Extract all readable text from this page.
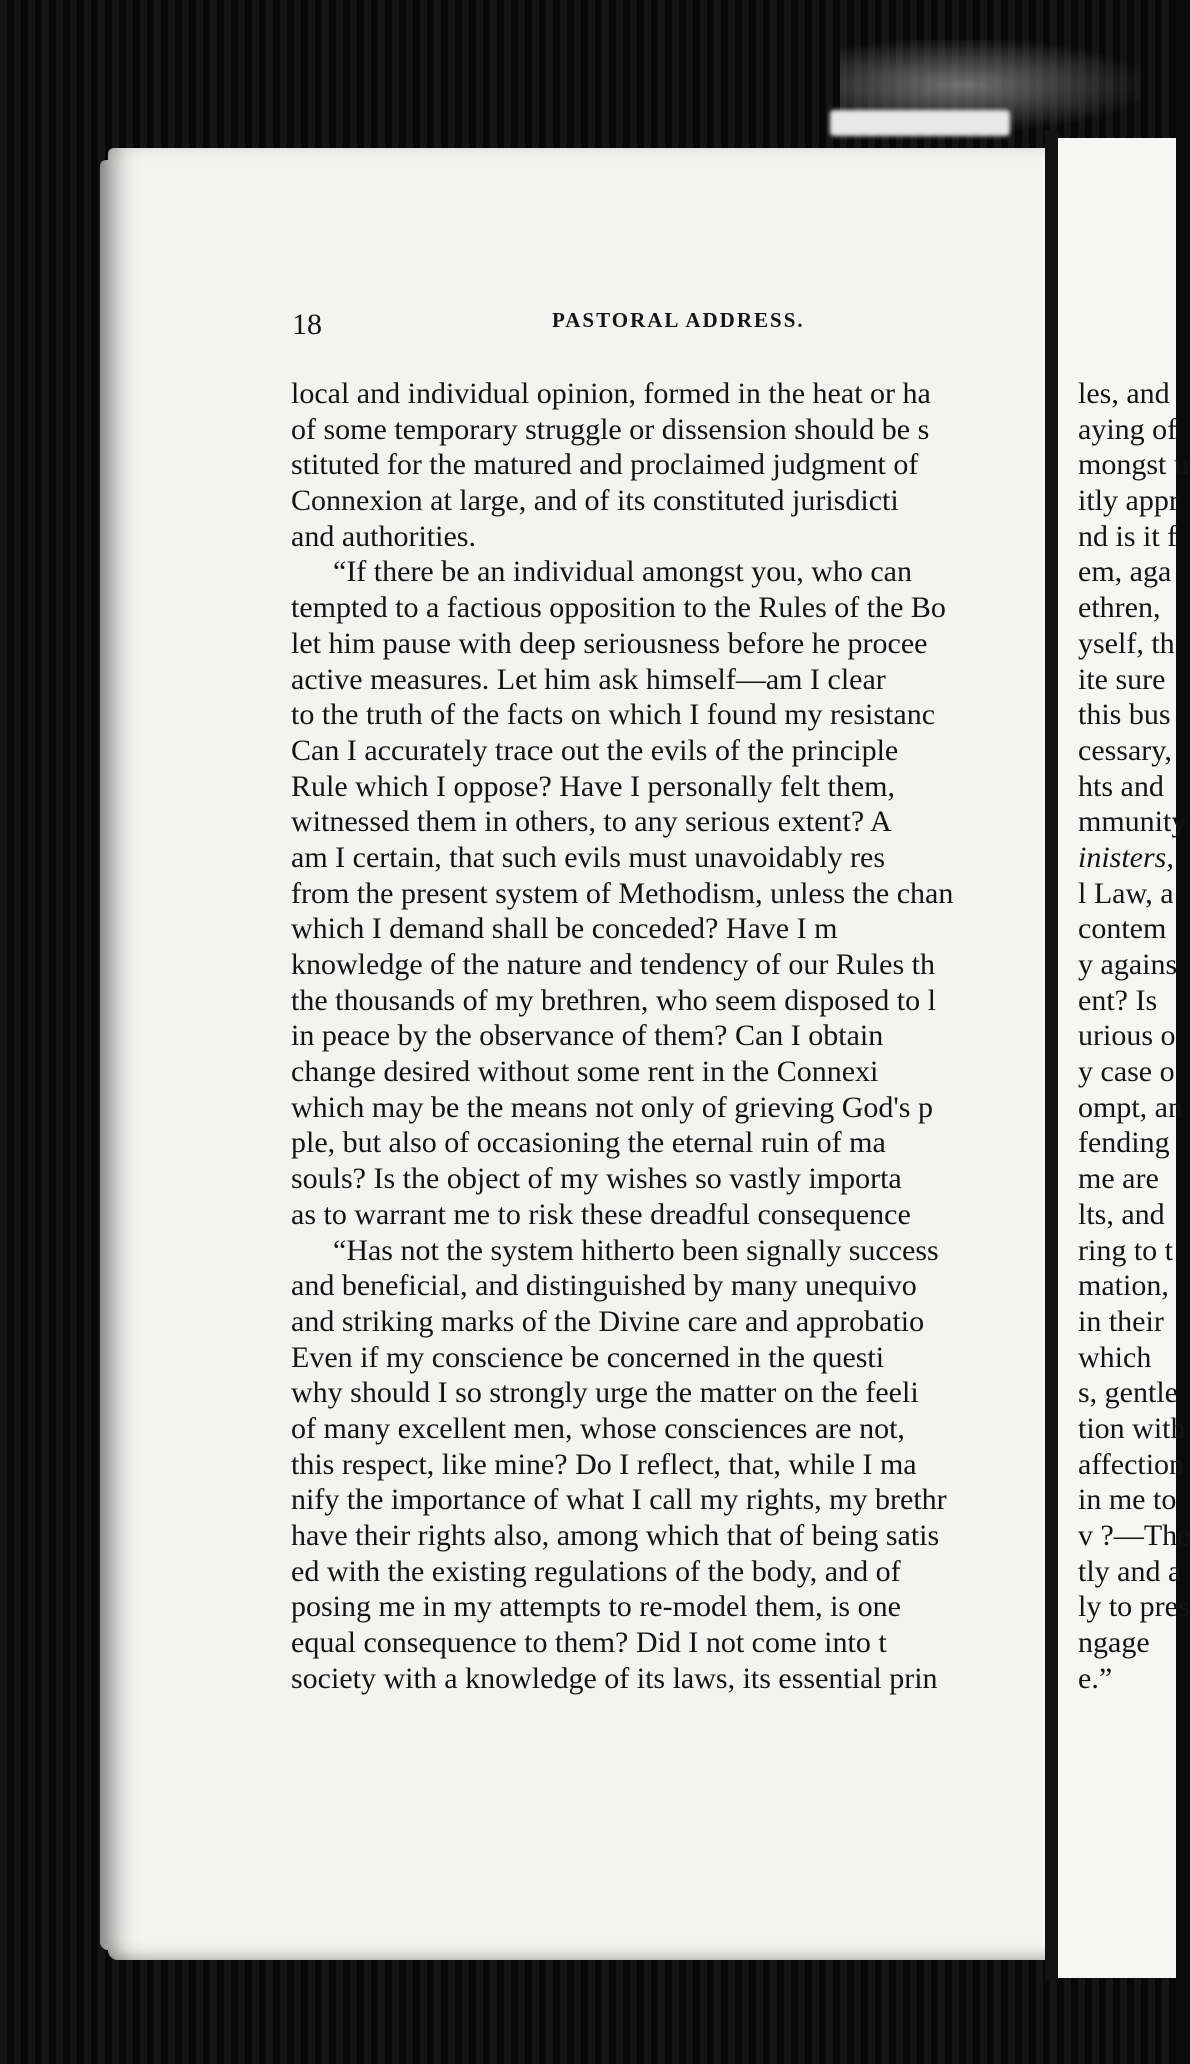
18	PASTORAL ADDRESS.
local and individual opinion, formed in the heat or ha
of some temporary struggle or dissension should be s
stituted for the matured and proclaimed judgment of
Connexion at large, and of its constituted jurisdicti
and authorities.
“If there be an individual amongst you, who can
tempted to a factious opposition to the Rules of the Bo
let him pause with deep seriousness before he procee
active measures. Let him ask himself—am I clear
to the truth of the facts on which I found my resistanc
Can I accurately trace out the evils of the principle
Rule which I oppose? Have I personally felt them,
witnessed them in others, to any serious extent? A
am I certain, that such evils must unavoidably res
from the present system of Methodism, unless the chan
which I demand shall be conceded? Have I m
knowledge of the nature and tendency of our Rules th
the thousands of my brethren, who seem disposed to l
in peace by the observance of them? Can I obtain
change desired without some rent in the Connexi
which may be the means not only of grieving God's p
ple, but also of occasioning the eternal ruin of ma
souls? Is the object of my wishes so vastly importa
as to warrant me to risk these dreadful consequence
“Has not the system hitherto been signally success
and beneficial, and distinguished by many unequivo
and striking marks of the Divine care and approbatio
Even if my conscience be concerned in the questi
why should I so strongly urge the matter on the feeli
of many excellent men, whose consciences are not,
this respect, like mine? Do I reflect, that, while I ma
nify the importance of what I call my rights, my brethr
have their rights also, among which that of being satis
ed with the existing regulations of the body, and of
posing me in my attempts to re-model them, is one
equal consequence to them? Did I not come into t
society with a knowledge of its laws, its essential prin
les, and
aying of
mongst u
itly appr
nd is it f
em, aga
ethren,
yself, th
ite sure
this bus
cessary,
hts and
mmunity
inisters,
l Law, a
contem
y agains
ent? Is
urious o
y case o
ompt, an
fending
me are
lts, and
ring to t
mation,
in their
which
s, gentle
tion with
affection
in me to
v ?—The
tly and a
ly to pres
ngage
e.”
